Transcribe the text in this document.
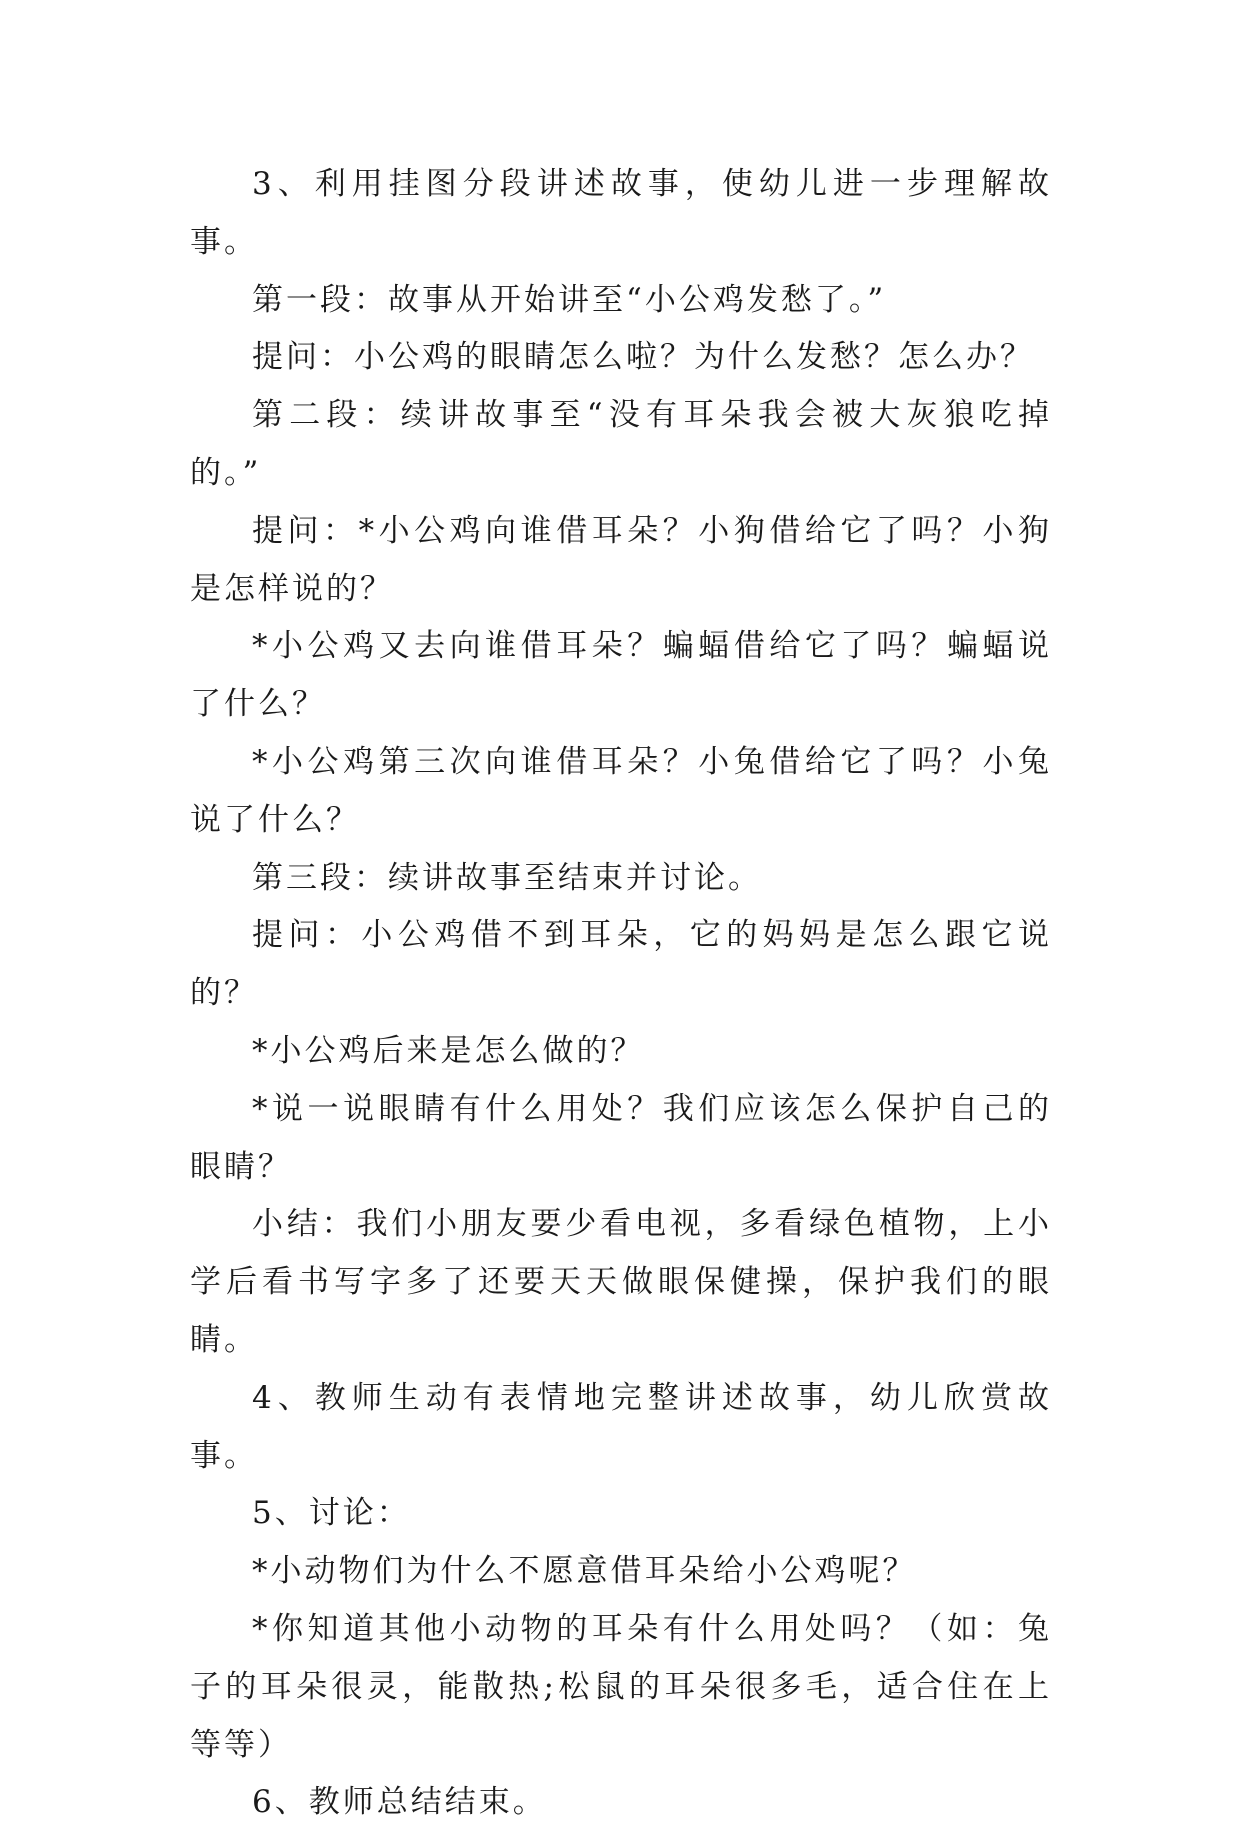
3、利用挂图分段讲述故事，使幼儿进一步理解故事。

第一段：故事从开始讲至“小公鸡发愁了。”

提问：小公鸡的眼睛怎么啦？为什么发愁？怎么办？

第二段：续讲故事至“没有耳朵我会被大灰狼吃掉的。”

提问：*小公鸡向谁借耳朵？小狗借给它了吗？小狗是怎样说的？

*小公鸡又去向谁借耳朵？蝙蝠借给它了吗？蝙蝠说了什么？

*小公鸡第三次向谁借耳朵？小兔借给它了吗？小兔说了什么？

第三段：续讲故事至结束并讨论。

提问：小公鸡借不到耳朵，它的妈妈是怎么跟它说的？

*小公鸡后来是怎么做的？

*说一说眼睛有什么用处？我们应该怎么保护自己的眼睛？

小结：我们小朋友要少看电视，多看绿色植物，上小学后看书写字多了还要天天做眼保健操，保护我们的眼睛。

4、教师生动有表情地完整讲述故事，幼儿欣赏故事。

5、讨论：

*小动物们为什么不愿意借耳朵给小公鸡呢？

*你知道其他小动物的耳朵有什么用处吗？（如：兔子的耳朵很灵，能散热;松鼠的耳朵很多毛，适合住在上等等）

6、教师总结结束。
